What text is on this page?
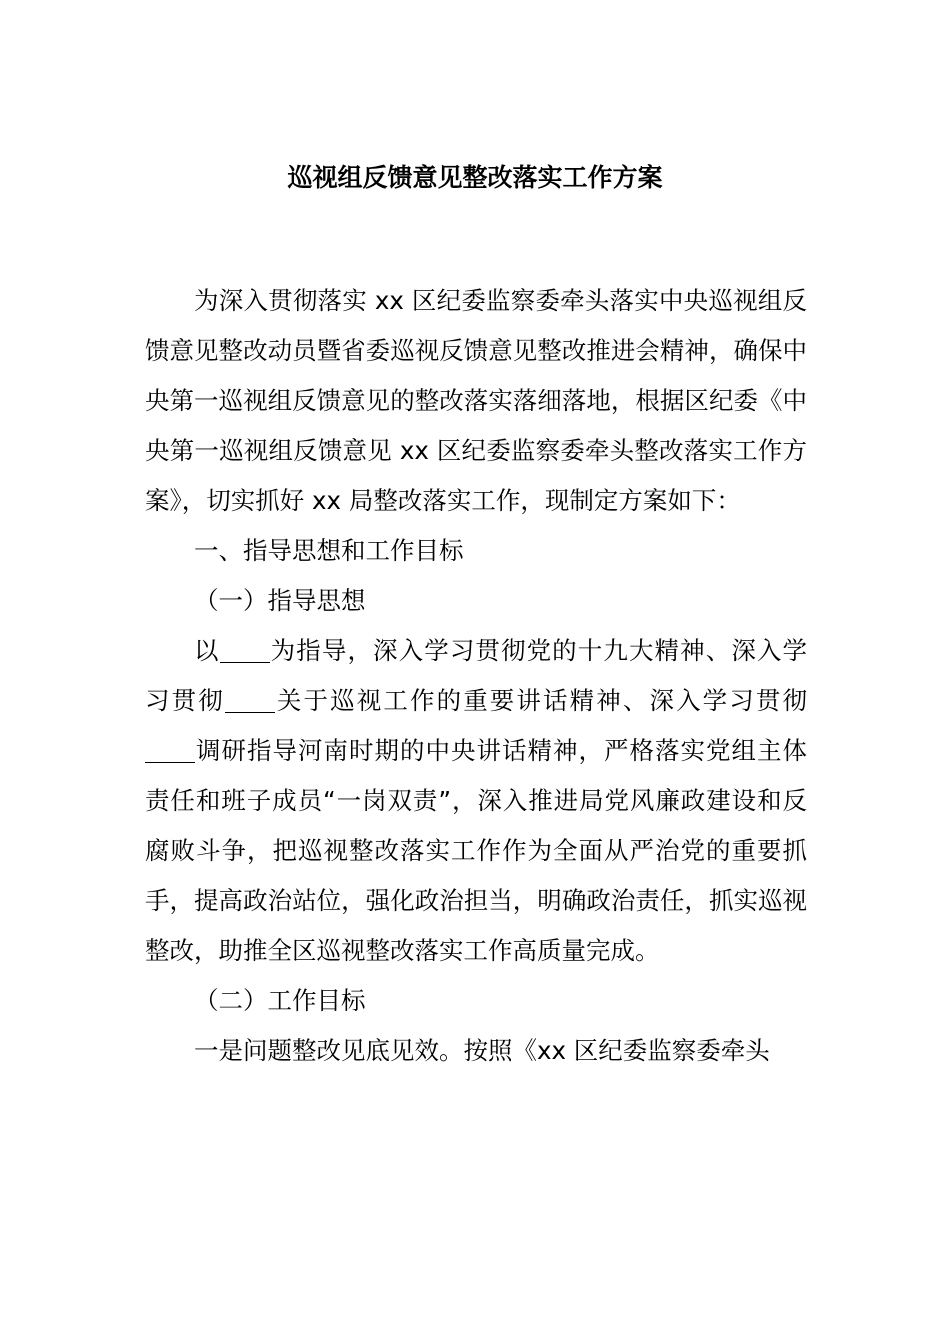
巡视组反馈意见整改落实工作方案

为深入贯彻落实 xx 区纪委监察委牵头落实中央巡视组反馈意见整改动员暨省委巡视反馈意见整改推进会精神，确保中央第一巡视组反馈意见的整改落实落细落地，根据区纪委《中央第一巡视组反馈意见 xx 区纪委监察委牵头整改落实工作方案》，切实抓好 xx 局整改落实工作，现制定方案如下：

一、指导思想和工作目标

（一）指导思想

以 为指导，深入学习贯彻党的十九大精神、深入学习贯彻 关于巡视工作的重要讲话精神、深入学习贯彻调研指导河南时期的中央讲话精神，严格落实党组主体责任和班子成员“一岗双责”，深入推进局党风廉政建设和反腐败斗争，把巡视整改落实工作作为全面从严治党的重要抓手，提高政治站位，强化政治担当，明确政治责任，抓实巡视整改，助推全区巡视整改落实工作高质量完成。

（二）工作目标

一是问题整改见底见效。按照《xx 区纪委监察委牵头
